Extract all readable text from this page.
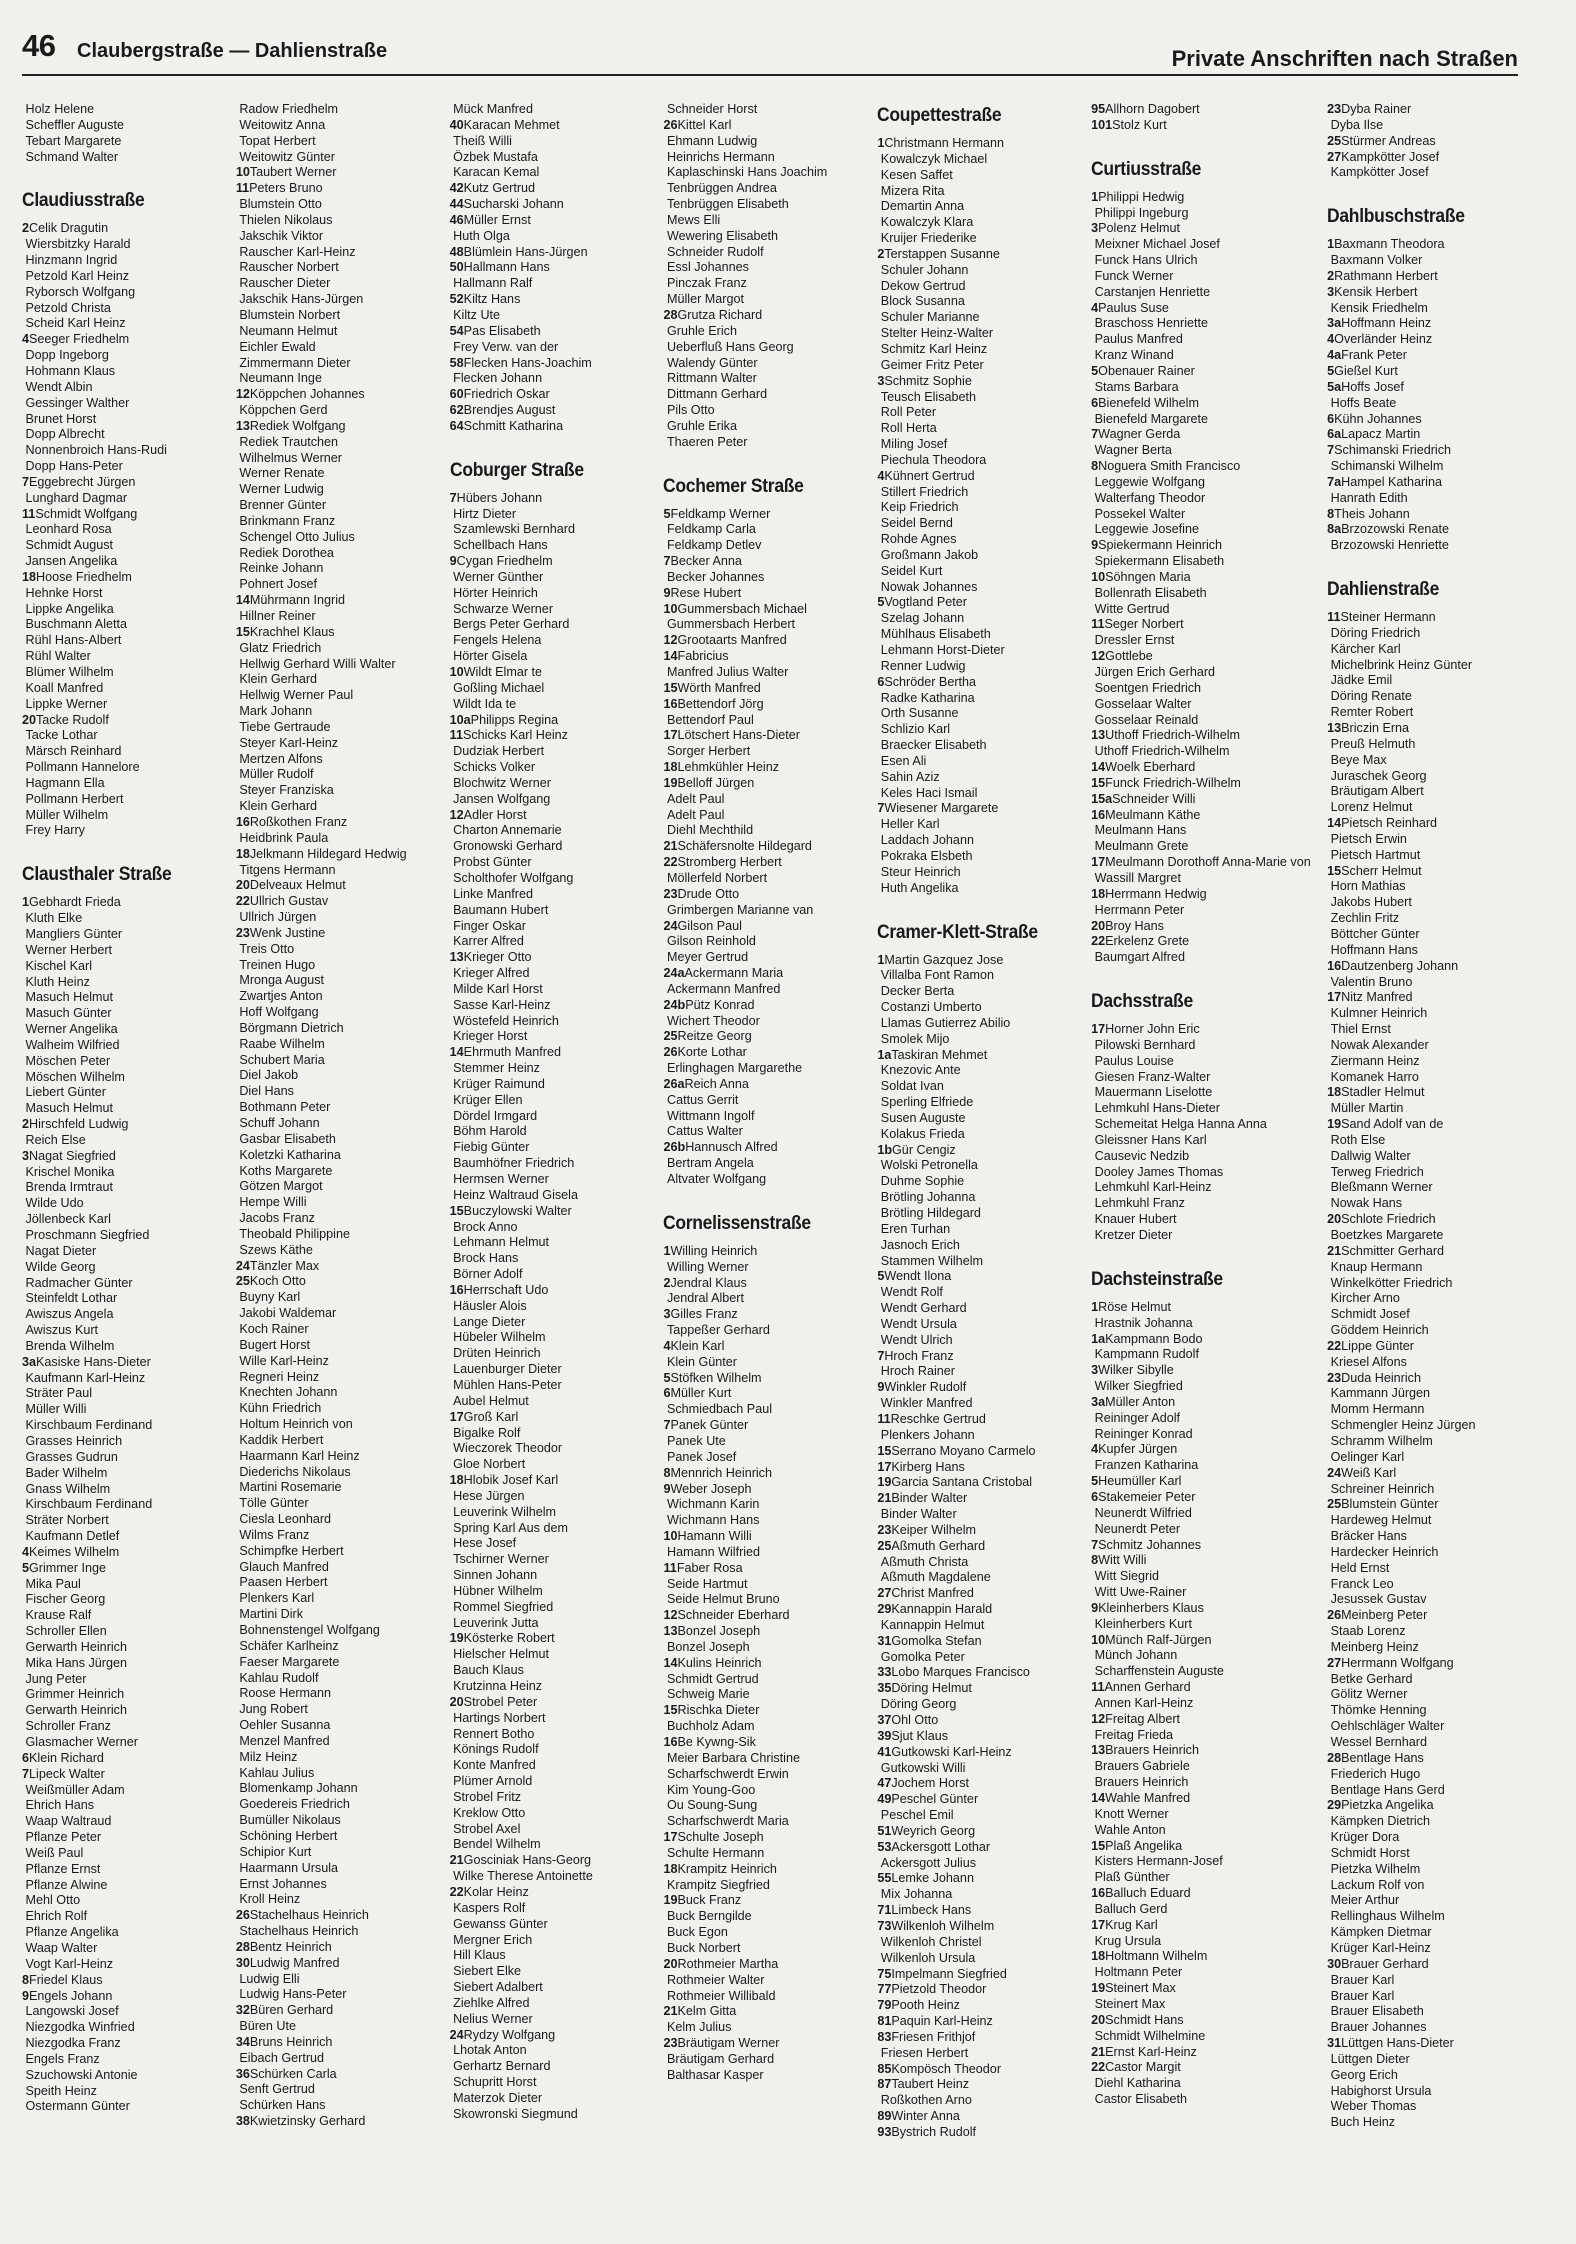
46 Claubergstraße — Dahlienstraße	Private Anschriften nach Straßen
Holz Helene
Scheffler Auguste
Tebart Margarete
Schmand Walter
Claudiusstraße
2Celik Dragutin
Wiersbitzky Harald
Hinzmann Ingrid
Petzold Karl Heinz
Ryborsch Wolfgang
Petzold Christa
Scheid Karl Heinz
4Seeger Friedhelm
Dopp Ingeborg
Hohmann Klaus
Wendt Albin
Gessinger Walther
Brunet Horst
Dopp Albrecht
Nonnenbroich Hans-Rudi
Dopp Hans-Peter
7Eggebrecht Jürgen
Lunghard Dagmar
11Schmidt Wolfgang
Leonhard Rosa
Schmidt August
Jansen Angelika
18Hoose Friedhelm
Hehnke Horst
Lippke Angelika
Buschmann Aletta
Rühl Hans-Albert
Rühl Walter
Blümer Wilhelm
Koall Manfred
Lippke Werner
20Tacke Rudolf
Tacke Lothar
Märsch Reinhard
Pollmann Hannelore
Hagmann Ella
Pollmann Herbert
Müller Wilhelm
Frey Harry
Clausthaler Straße
1Gebhardt Frieda
Kluth Elke
Mangliers Günter
Werner Herbert
Kischel Karl
Kluth Heinz
Masuch Helmut
Masuch Günter
Werner Angelika
Walheim Wilfried
Möschen Peter
Möschen Wilhelm
Liebert Günter
Masuch Helmut
2Hirschfeld Ludwig
Reich Else
3Nagat Siegfried
Krischel Monika
Brenda Irmtraut
Wilde Udo
Jöllenbeck Karl
Proschmann Siegfried
Nagat Dieter
Wilde Georg
Radmacher Günter
Steinfeldt Lothar
Awiszus Angela
Awiszus Kurt
Brenda Wilhelm
3aKasiske Hans-Dieter
Kaufmann Karl-Heinz
Sträter Paul
Müller Willi
Kirschbaum Ferdinand
Grasses Heinrich
Grasses Gudrun
Bader Wilhelm
Gnass Wilhelm
Kirschbaum Ferdinand
Sträter Norbert
Kaufmann Detlef
4Keimes Wilhelm
5Grimmer Inge
Mika Paul
Fischer Georg
Krause Ralf
Schroller Ellen
Gerwarth Heinrich
Mika Hans Jürgen
Jung Peter
Grimmer Heinrich
Gerwarth Heinrich
Schroller Franz
Glasmacher Werner
6Klein Richard
7Lipeck Walter
Weißmüller Adam
Ehrich Hans
Waap Waltraud
Pflanze Peter
Weiß Paul
Pflanze Ernst
Pflanze Alwine
Mehl Otto
Ehrich Rolf
Pflanze Angelika
Waap Walter
Vogt Karl-Heinz
8Friedel Klaus
9Engels Johann
Langowski Josef
Niezgodka Winfried
Niezgodka Franz
Engels Franz
Szuchowski Antonie
Speith Heinz
Ostermann Günter
Radow Friedhelm
Weitowitz Anna
Topat Herbert
Weitowitz Günter
10Taubert Werner
11Peters Bruno
Blumstein Otto
Thielen Nikolaus
Jakschik Viktor
Rauscher Karl-Heinz
Rauscher Norbert
Rauscher Dieter
Jakschik Hans-Jürgen
Blumstein Norbert
Neumann Helmut
Eichler Ewald
Zimmermann Dieter
Neumann Inge
12Köppchen Johannes
Köppchen Gerd
13Rediek Wolfgang
Rediek Trautchen
Wilhelmus Werner
Werner Renate
Werner Ludwig
Brenner Günter
Brinkmann Franz
Schengel Otto Julius
Rediek Dorothea
Reinke Johann
Pohnert Josef
14Mührmann Ingrid
Hillner Reiner
15Krachhel Klaus
Glatz Friedrich
Hellwig Gerhard Willi Walter
Klein Gerhard
Hellwig Werner Paul
Mark Johann
Tiebe Gertraude
Steyer Karl-Heinz
Mertzen Alfons
Müller Rudolf
Steyer Franziska
Klein Gerhard
16Roßkothen Franz
Heidbrink Paula
18Jelkmann Hildegard Hedwig
Titgens Hermann
20Delveaux Helmut
22Ullrich Gustav
Ullrich Jürgen
23Wenk Justine
Treis Otto
Treinen Hugo
Mronga August
Zwartjes Anton
Hoff Wolfgang
Börgmann Dietrich
Raabe Wilhelm
Schubert Maria
Diel Jakob
Diel Hans
Bothmann Peter
Schuff Johann
Gasbar Elisabeth
Koletzki Katharina
Koths Margarete
Götzen Margot
Hempe Willi
Jacobs Franz
Theobald Philippine
Szews Käthe
24Tänzler Max
25Koch Otto
Buyny Karl
Jakobi Waldemar
Koch Rainer
Bugert Horst
Wille Karl-Heinz
Regneri Heinz
Knechten Johann
Kühn Friedrich
Holtum Heinrich von
Kaddik Herbert
Haarmann Karl Heinz
Diederichs Nikolaus
Martini Rosemarie
Tölle Günter
Ciesla Leonhard
Wilms Franz
Schimpfke Herbert
Glauch Manfred
Paasen Herbert
Plenkers Karl
Martini Dirk
Bohnenstengel Wolfgang
Schäfer Karlheinz
Faeser Margarete
Kahlau Rudolf
Roose Hermann
Jung Robert
Oehler Susanna
Menzel Manfred
Milz Heinz
Kahlau Julius
Blomenkamp Johann
Goedereis Friedrich
Bumüller Nikolaus
Schöning Herbert
Schipior Kurt
Haarmann Ursula
Ernst Johannes
Kroll Heinz
26Stachelhaus Heinrich
Stachelhaus Heinrich
28Bentz Heinrich
30Ludwig Manfred
Ludwig Elli
Ludwig Hans-Peter
32Büren Gerhard
Büren Ute
34Bruns Heinrich
Eibach Gertrud
36Schürken Carla
Senft Gertrud
Schürken Hans
38Kwietzinsky Gerhard
Mück Manfred
40Karacan Mehmet
Theiß Willi
Özbek Mustafa
Karacan Kemal
42Kutz Gertrud
44Sucharski Johann
46Müller Ernst
Huth Olga
48Blümlein Hans-Jürgen
50Hallmann Hans
Hallmann Ralf
52Kiltz Hans
Kiltz Ute
54Pas Elisabeth
Frey Verw. van der
58Flecken Hans-Joachim
Flecken Johann
60Friedrich Oskar
62Brendjes August
64Schmitt Katharina
Coburger Straße
7Hübers Johann
Hirtz Dieter
Szamlewski Bernhard
Schellbach Hans
9Cygan Friedhelm
Werner Günther
Hörter Heinrich
Schwarze Werner
Bergs Peter Gerhard
Fengels Helena
Hörter Gisela
10Wildt Elmar te
Goßling Michael
Wildt Ida te
10aPhilipps Regina
11Schicks Karl Heinz
Dudziak Herbert
Schicks Volker
Blochwitz Werner
Jansen Wolfgang
12Adler Horst
Charton Annemarie
Gronowski Gerhard
Probst Günter
Scholthofer Wolfgang
Linke Manfred
Baumann Hubert
Finger Oskar
Karrer Alfred
13Krieger Otto
Krieger Alfred
Milde Karl Horst
Sasse Karl-Heinz
Wöstefeld Heinrich
Krieger Horst
14Ehrmuth Manfred
Stemmer Heinz
Krüger Raimund
Krüger Ellen
Dördel Irmgard
Böhm Harold
Fiebig Günter
Baumhöfner Friedrich
Hermsen Werner
Heinz Waltraud Gisela
15Buczylowski Walter
Brock Anno
Lehmann Helmut
Brock Hans
Börner Adolf
16Herrschaft Udo
Häusler Alois
Lange Dieter
Hübeler Wilhelm
Drüten Heinrich
Lauenburger Dieter
Mühlen Hans-Peter
Aubel Helmut
17Groß Karl
Bigalke Rolf
Wieczorek Theodor
Gloe Norbert
18Hlobik Josef Karl
Hese Jürgen
Leuverink Wilhelm
Spring Karl Aus dem
Hese Josef
Tschirner Werner
Sinnen Johann
Hübner Wilhelm
Rommel Siegfried
Leuverink Jutta
19Kösterke Robert
Hielscher Helmut
Bauch Klaus
Krutzinna Heinz
20Strobel Peter
Hartings Norbert
Rennert Botho
Könings Rudolf
Konte Manfred
Plümer Arnold
Strobel Fritz
Kreklow Otto
Strobel Axel
Bendel Wilhelm
21Gosciniak Hans-Georg
Wilke Therese Antoinette
22Kolar Heinz
Kaspers Rolf
Gewanss Günter
Mergner Erich
Hill Klaus
Siebert Elke
Siebert Adalbert
Ziehlke Alfred
Nelius Werner
24Rydzy Wolfgang
Lhotak Anton
Gerhartz Bernard
Schupritt Horst
Materzok Dieter
Skowronski Siegmund
Schneider Horst
26Kittel Karl
Ehmann Ludwig
Heinrichs Hermann
Kaplaschinski Hans Joachim
Tenbrüggen Andrea
Tenbrüggen Elisabeth
Mews Elli
Wewering Elisabeth
Schneider Rudolf
Essl Johannes
Pinczak Franz
Müller Margot
28Grutza Richard
Gruhle Erich
Ueberfluß Hans Georg
Walendy Günter
Rittmann Walter
Dittmann Gerhard
Pils Otto
Gruhle Erika
Thaeren Peter
Cochemer Straße
5Feldkamp Werner
Feldkamp Carla
Feldkamp Detlev
7Becker Anna
Becker Johannes
9Rese Hubert
10Gummersbach Michael
Gummersbach Herbert
12Grootaarts Manfred
14Fabricius
Manfred Julius Walter
15Wörth Manfred
16Bettendorf Jörg
Bettendorf Paul
17Lötschert Hans-Dieter
Sorger Herbert
18Lehmkühler Heinz
19Belloff Jürgen
Adelt Paul
Adelt Paul
Diehl Mechthild
21Schäfersnolte Hildegard
22Stromberg Herbert
Möllerfeld Norbert
23Drude Otto
Grimbergen Marianne van
24Gilson Paul
Gilson Reinhold
Meyer Gertrud
24aAckermann Maria
Ackermann Manfred
24bPütz Konrad
Wichert Theodor
25Reitze Georg
26Korte Lothar
Erlinghagen Margarethe
26aReich Anna
Cattus Gerrit
Wittmann Ingolf
Cattus Walter
26bHannusch Alfred
Bertram Angela
Altvater Wolfgang
Cornelissenstraße
1Willing Heinrich
Willing Werner
2Jendral Klaus
Jendral Albert
3Gilles Franz
Tappeßer Gerhard
4Klein Karl
Klein Günter
5Stöfken Wilhelm
6Müller Kurt
Schmiedbach Paul
7Panek Günter
Panek Ute
Panek Josef
8Mennrich Heinrich
9Weber Joseph
Wichmann Karin
Wichmann Hans
10Hamann Willi
Hamann Wilfried
11Faber Rosa
Seide Hartmut
Seide Helmut Bruno
12Schneider Eberhard
13Bonzel Joseph
Bonzel Joseph
14Kulins Heinrich
Schmidt Gertrud
Schweig Marie
15Rischka Dieter
Buchholz Adam
16Be Kywng-Sik
Meier Barbara Christine
Scharfschwerdt Erwin
Kim Young-Goo
Ou Soung-Sung
Scharfschwerdt Maria
17Schulte Joseph
Schulte Hermann
18Krampitz Heinrich
Krampitz Siegfried
19Buck Franz
Buck Berngilde
Buck Egon
Buck Norbert
20Rothmeier Martha
Rothmeier Walter
Rothmeier Willibald
21Kelm Gitta
Kelm Julius
23Bräutigam Werner
Bräutigam Gerhard
Balthasar Kasper
Coupettestraße
1Christmann Hermann
Kowalczyk Michael
Kesen Saffet
Mizera Rita
Demartin Anna
Kowalczyk Klara
Kruijer Friederike
2Terstappen Susanne
Schuler Johann
Dekow Gertrud
Block Susanna
Schuler Marianne
Stelter Heinz-Walter
Schmitz Karl Heinz
Geimer Fritz Peter
3Schmitz Sophie
Teusch Elisabeth
Roll Peter
Roll Herta
Miling Josef
Piechula Theodora
4Kühnert Gertrud
Stillert Friedrich
Keip Friedrich
Seidel Bernd
Rohde Agnes
Großmann Jakob
Seidel Kurt
Nowak Johannes
5Vogtland Peter
Szelag Johann
Mühlhaus Elisabeth
Lehmann Horst-Dieter
Renner Ludwig
6Schröder Bertha
Radke Katharina
Orth Susanne
Schlizio Karl
Braecker Elisabeth
Esen Ali
Sahin Aziz
Keles Haci Ismail
7Wiesener Margarete
Heller Karl
Laddach Johann
Pokraka Elsbeth
Steur Heinrich
Huth Angelika
Cramer-Klett-Straße
1Martin Gazquez Jose
Villalba Font Ramon
Decker Berta
Costanzi Umberto
Llamas Gutierrez Abilio
Smolek Mijo
1aTaskiran Mehmet
Knezovic Ante
Soldat Ivan
Sperling Elfriede
Susen Auguste
Kolakus Frieda
1bGür Cengiz
Wolski Petronella
Duhme Sophie
Brötling Johanna
Brötling Hildegard
Eren Turhan
Jasnoch Erich
Stammen Wilhelm
5Wendt Ilona
Wendt Rolf
Wendt Gerhard
Wendt Ursula
Wendt Ulrich
7Hroch Franz
Hroch Rainer
9Winkler Rudolf
Winkler Manfred
11Reschke Gertrud
Plenkers Johann
15Serrano Moyano Carmelo
17Kirberg Hans
19Garcia Santana Cristobal
21Binder Walter
Binder Walter
23Keiper Wilhelm
25Aßmuth Gerhard
Aßmuth Christa
Aßmuth Magdalene
27Christ Manfred
29Kannappin Harald
Kannappin Helmut
31Gomolka Stefan
Gomolka Peter
33Lobo Marques Francisco
35Döring Helmut
Döring Georg
37Ohl Otto
39Sjut Klaus
41Gutkowski Karl-Heinz
Gutkowski Willi
47Jochem Horst
49Peschel Günter
Peschel Emil
51Weyrich Georg
53Ackersgott Lothar
Ackersgott Julius
55Lemke Johann
Mix Johanna
71Limbeck Hans
73Wilkenloh Wilhelm
Wilkenloh Christel
Wilkenloh Ursula
75Impelmann Siegfried
77Pietzold Theodor
79Pooth Heinz
81Paquin Karl-Heinz
83Friesen Frithjof
Friesen Herbert
85Kompösch Theodor
87Taubert Heinz
Roßkothen Arno
89Winter Anna
93Bystrich Rudolf
95Allhorn Dagobert
101Stolz Kurt
Curtiusstraße
1Philippi Hedwig
Philippi Ingeburg
3Polenz Helmut
Meixner Michael Josef
Funck Hans Ulrich
Funck Werner
Carstanjen Henriette
4Paulus Suse
Braschoss Henriette
Paulus Manfred
Kranz Winand
5Obenauer Rainer
Stams Barbara
6Bienefeld Wilhelm
Bienefeld Margarete
7Wagner Gerda
Wagner Berta
8Noguera Smith Francisco
Leggewie Wolfgang
Walterfang Theodor
Possekel Walter
Leggewie Josefine
9Spiekermann Heinrich
Spiekermann Elisabeth
10Söhngen Maria
Bollenrath Elisabeth
Witte Gertrud
11Seger Norbert
Dressler Ernst
12Gottlebe
Jürgen Erich Gerhard
Soentgen Friedrich
Gosselaar Walter
Gosselaar Reinald
13Uthoff Friedrich-Wilhelm
Uthoff Friedrich-Wilhelm
14Woelk Eberhard
15Funck Friedrich-Wilhelm
15aSchneider Willi
16Meulmann Käthe
Meulmann Hans
Meulmann Grete
17Meulmann Dorothoff Anna-Marie von
Wassill Margret
18Herrmann Hedwig
Herrmann Peter
20Broy Hans
22Erkelenz Grete
Baumgart Alfred
Dachsstraße
17Horner John Eric
Pilowski Bernhard
Paulus Louise
Giesen Franz-Walter
Mauermann Liselotte
Lehmkuhl Hans-Dieter
Schemeitat Helga Hanna Anna
Gleissner Hans Karl
Causevic Nedzib
Dooley James Thomas
Lehmkuhl Karl-Heinz
Lehmkuhl Franz
Knauer Hubert
Kretzer Dieter
Dachsteinstraße
1Röse Helmut
Hrastnik Johanna
1aKampmann Bodo
Kampmann Rudolf
3Wilker Sibylle
Wilker Siegfried
3aMüller Anton
Reininger Adolf
Reininger Konrad
4Kupfer Jürgen
Franzen Katharina
5Heumüller Karl
6Stakemeier Peter
Neunerdt Wilfried
Neunerdt Peter
7Schmitz Johannes
8Witt Willi
Witt Siegrid
Witt Uwe-Rainer
9Kleinherbers Klaus
Kleinherbers Kurt
10Münch Ralf-Jürgen
Münch Johann
Scharffenstein Auguste
11Annen Gerhard
Annen Karl-Heinz
12Freitag Albert
Freitag Frieda
13Brauers Heinrich
Brauers Gabriele
Brauers Heinrich
14Wahle Manfred
Knott Werner
Wahle Anton
15Plaß Angelika
Kisters Hermann-Josef
Plaß Günther
16Balluch Eduard
Balluch Gerd
17Krug Karl
Krug Ursula
18Holtmann Wilhelm
Holtmann Peter
19Steinert Max
Steinert Max
20Schmidt Hans
Schmidt Wilhelmine
21Ernst Karl-Heinz
22Castor Margit
Diehl Katharina
Castor Elisabeth
23Dyba Rainer
Dyba Ilse
25Stürmer Andreas
27Kampkötter Josef
Kampkötter Josef
Dahlbuschstraße
1Baxmann Theodora
Baxmann Volker
2Rathmann Herbert
3Kensik Herbert
Kensik Friedhelm
3aHoffmann Heinz
4Overländer Heinz
4aFrank Peter
5Gießel Kurt
5aHoffs Josef
Hoffs Beate
6Kühn Johannes
6aLapacz Martin
7Schimanski Friedrich
Schimanski Wilhelm
7aHampel Katharina
Hanrath Edith
8Theis Johann
8aBrzozowski Renate
Brzozowski Henriette
Dahlienstraße
11Steiner Hermann
Döring Friedrich
Kärcher Karl
Michelbrink Heinz Günter
Jädke Emil
Döring Renate
Remter Robert
13Briczin Erna
Preuß Helmuth
Beye Max
Juraschek Georg
Bräutigam Albert
Lorenz Helmut
14Pietsch Reinhard
Pietsch Erwin
Pietsch Hartmut
15Scherr Helmut
Horn Mathias
Jakobs Hubert
Zechlin Fritz
Böttcher Günter
Hoffmann Hans
16Dautzenberg Johann
Valentin Bruno
17Nitz Manfred
Kulmner Heinrich
Thiel Ernst
Nowak Alexander
Ziermann Heinz
Komanek Harro
18Stadler Helmut
Müller Martin
19Sand Adolf van de
Roth Else
Dallwig Walter
Terweg Friedrich
Bleßmann Werner
Nowak Hans
20Schlote Friedrich
Boetzkes Margarete
21Schmitter Gerhard
Knaup Hermann
Winkelkötter Friedrich
Kircher Arno
Schmidt Josef
Göddem Heinrich
22Lippe Günter
Kriesel Alfons
23Duda Heinrich
Kammann Jürgen
Momm Hermann
Schmengler Heinz Jürgen
Schramm Wilhelm
Oelinger Karl
24Weiß Karl
Schreiner Heinrich
25Blumstein Günter
Hardeweg Helmut
Bräcker Hans
Hardecker Heinrich
Held Ernst
Franck Leo
Jesussek Gustav
26Meinberg Peter
Staab Lorenz
Meinberg Heinz
27Herrmann Wolfgang
Betke Gerhard
Gölitz Werner
Thömke Henning
Oehlschläger Walter
Wessel Bernhard
28Bentlage Hans
Friederich Hugo
Bentlage Hans Gerd
29Pietzka Angelika
Kämpken Dietrich
Krüger Dora
Schmidt Horst
Pietzka Wilhelm
Lackum Rolf von
Meier Arthur
Rellinghaus Wilhelm
Kämpken Dietmar
Krüger Karl-Heinz
30Brauer Gerhard
Brauer Karl
Brauer Karl
Brauer Elisabeth
Brauer Johannes
31Lüttgen Hans-Dieter
Lüttgen Dieter
Georg Erich
Habighorst Ursula
Weber Thomas
Buch Heinz
